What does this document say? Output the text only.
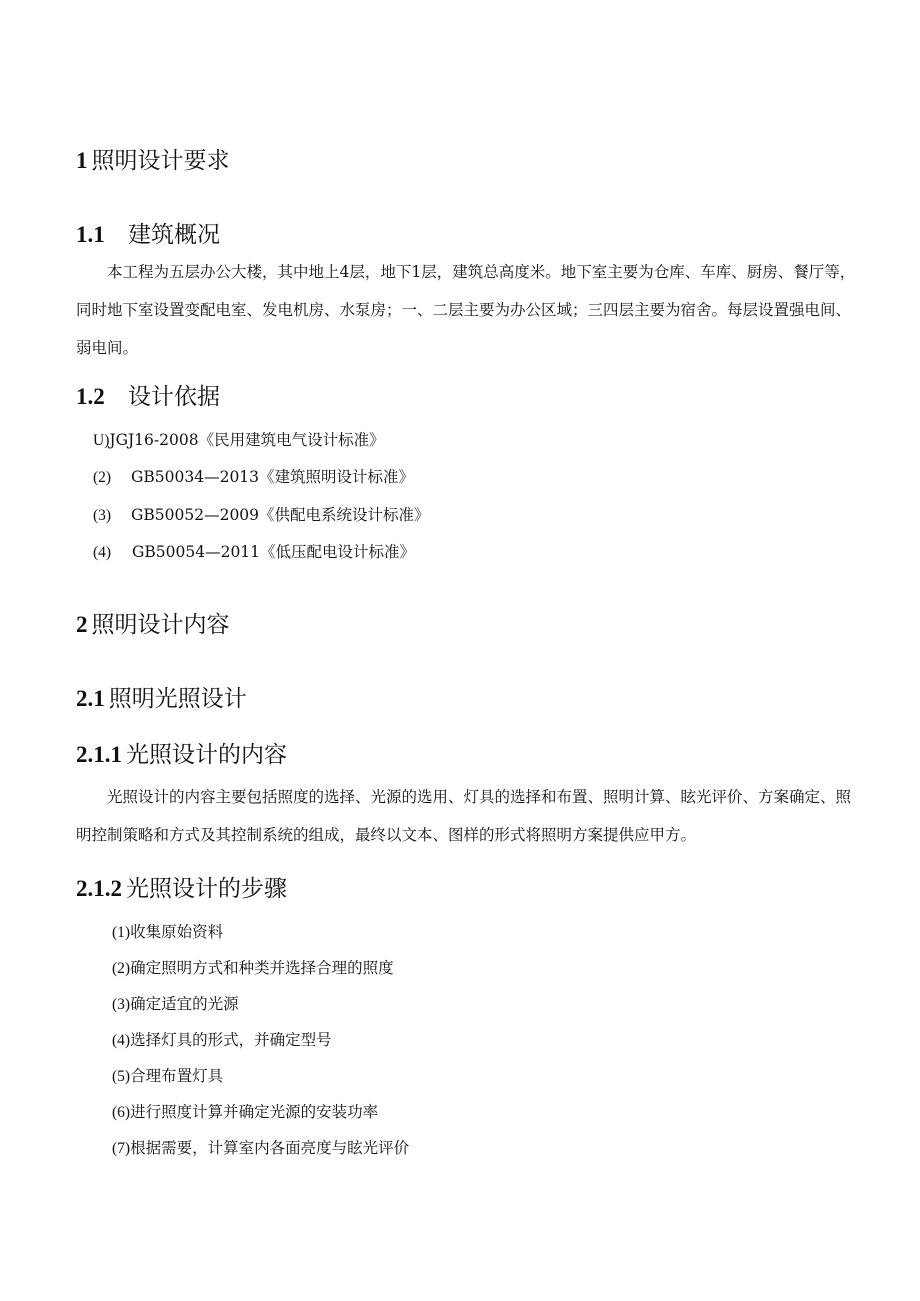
1 照明设计要求
1.1 建筑概况
本工程为五层办公大楼，其中地上4层，地下1层，建筑总高度米。地下室主要为仓库、车库、厨房、餐厅等，同时地下室设置变配电室、发电机房、水泵房；一、二层主要为办公区域；三四层主要为宿舍。每层设置强电间、弱电间。
1.2 设计依据
U)JGJ16-2008《民用建筑电气设计标准》
(2) GB50034—2013《建筑照明设计标准》
(3) GB50052—2009《供配电系统设计标准》
(4) GB50054—2011《低压配电设计标准》
2 照明设计内容
2.1 照明光照设计
2.1.1 光照设计的内容
光照设计的内容主要包括照度的选择、光源的选用、灯具的选择和布置、照明计算、眩光评价、方案确定、照明控制策略和方式及其控制系统的组成，最终以文本、图样的形式将照明方案提供应甲方。
2.1.2 光照设计的步骤
(1)收集原始资料
(2)确定照明方式和种类并选择合理的照度
(3)确定适宜的光源
(4)选择灯具的形式，并确定型号
(5)合理布置灯具
(6)进行照度计算并确定光源的安装功率
(7)根据需要，计算室内各面亮度与眩光评价
